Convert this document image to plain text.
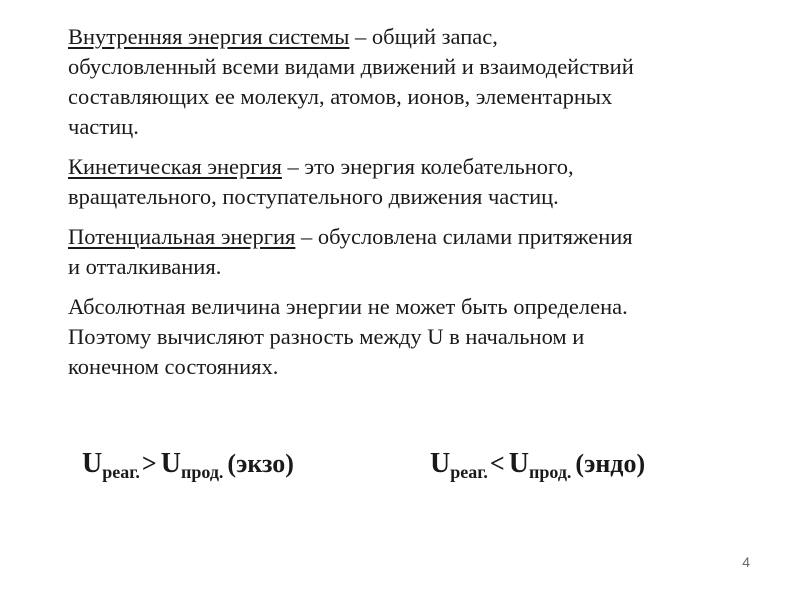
Внутренняя энергия системы – общий запас,
обусловленный всеми видами движений и взаимодействий
составляющих ее молекул, атомов, ионов, элементарных
частиц.

Кинетическая энергия – это энергия колебательного,
вращательного, поступательного движения частиц.

Потенциальная энергия – обусловлена силами притяжения
и отталкивания.

Абсолютная величина энергии не может быть определена.
Поэтому вычисляют разность между U в начальном и
конечном состояниях.

$U_{реаг.}> U_{прод.}$ (экзо)	$U_{реаг.}< U_{прод.}$ (эндо)
4
